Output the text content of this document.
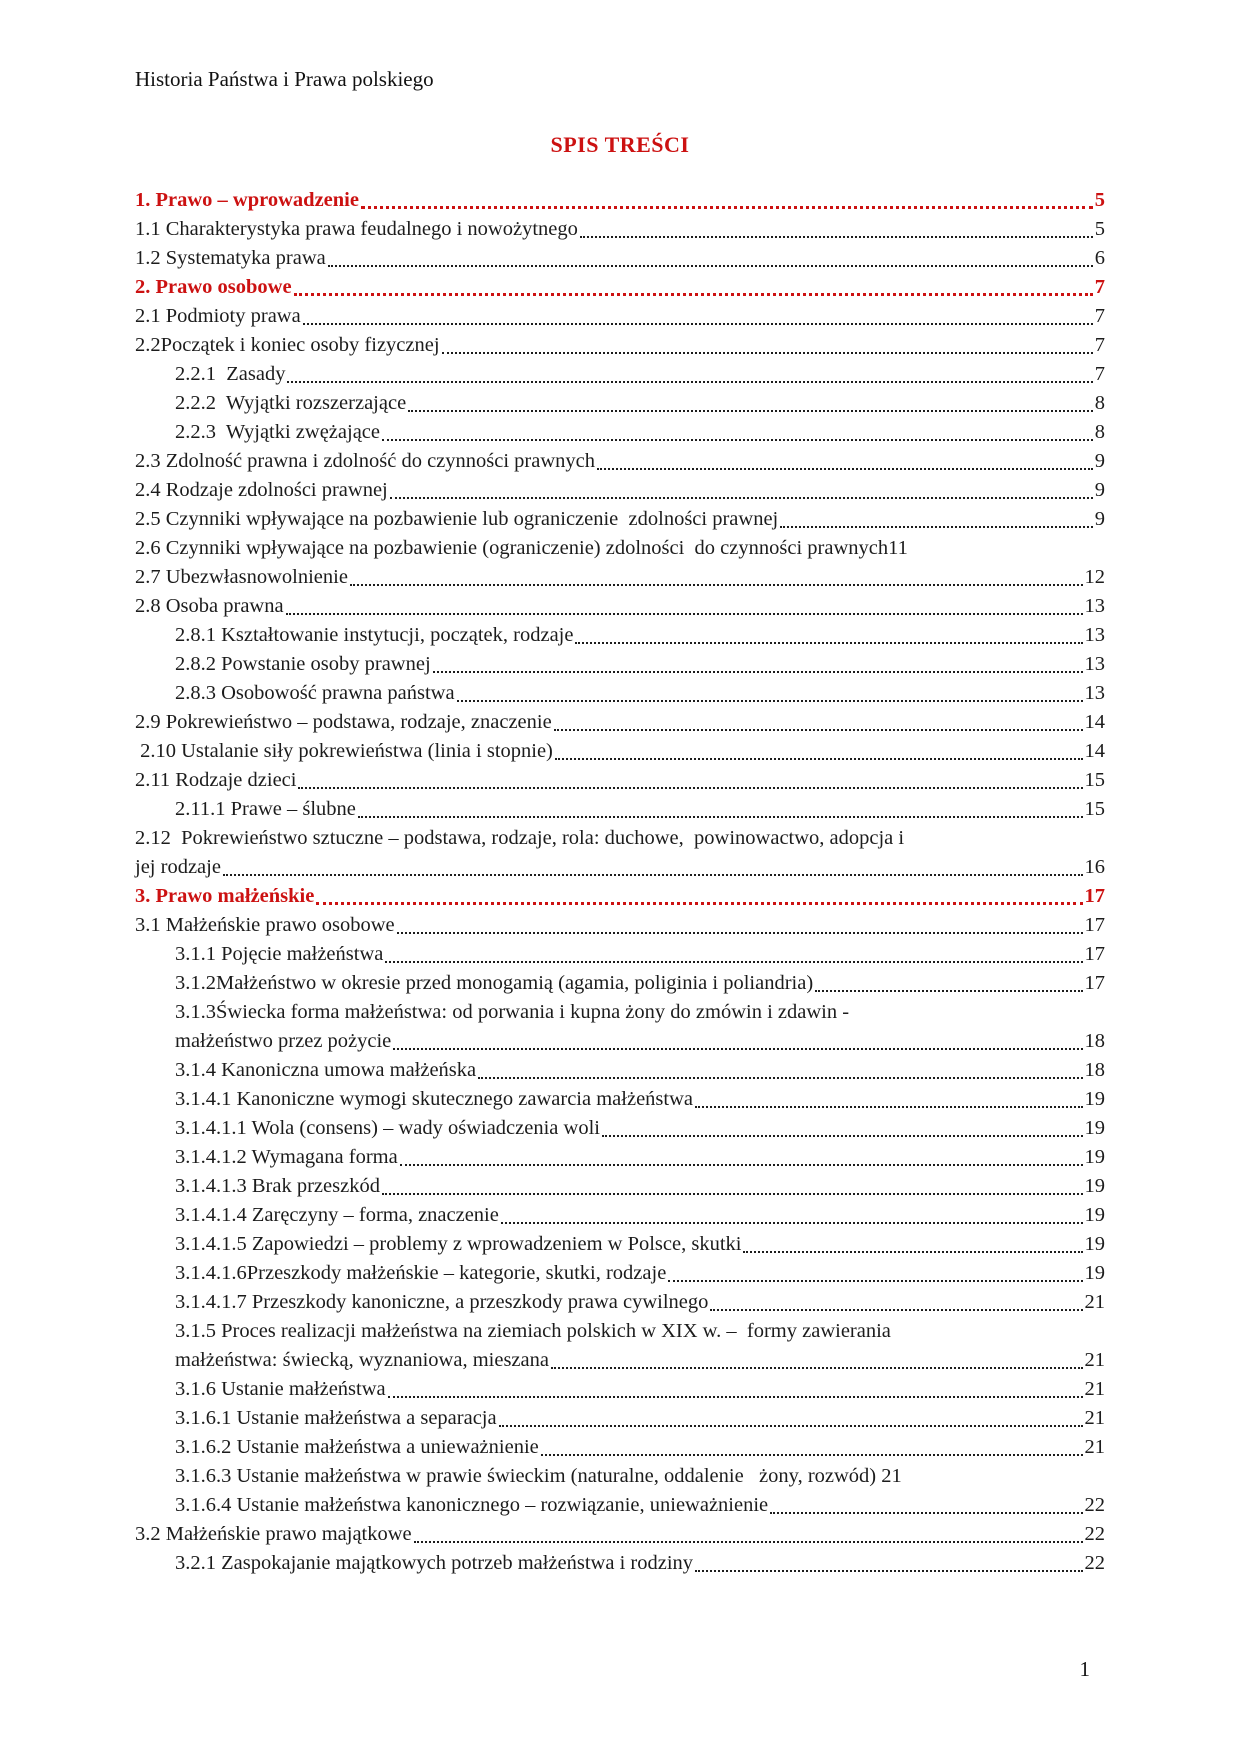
Historia Państwa i Prawa polskiego
SPIS TREŚCI
1. Prawo – wprowadzenie	5
1.1 Charakterystyka prawa feudalnego i nowożytnego	5
1.2 Systematyka prawa	6
2. Prawo osobowe	7
2.1 Podmioty prawa	7
2.2Początek i koniec osoby fizycznej	7
2.2.1  Zasady	7
2.2.2  Wyjątki rozszerzające	8
2.2.3  Wyjątki zwężające	8
2.3 Zdolność prawna i zdolność do czynności prawnych	9
2.4 Rodzaje zdolności prawnej	9
2.5 Czynniki wpływające na pozbawienie lub ograniczenie  zdolności prawnej	9
2.6 Czynniki wpływające na pozbawienie (ograniczenie) zdolności  do czynności prawnych 11
2.7 Ubezwłasnowolnienie	12
2.8 Osoba prawna	13
2.8.1 Kształtowanie instytucji, początek, rodzaje	13
2.8.2 Powstanie osoby prawnej	13
2.8.3 Osobowość prawna państwa	13
2.9 Pokrewieństwo – podstawa, rodzaje, znaczenie	14
2.10 Ustalanie siły pokrewieństwa (linia i stopnie)	14
2.11 Rodzaje dzieci	15
2.11.1 Prawe – ślubne	15
2.12  Pokrewieństwo sztuczne – podstawa, rodzaje, rola: duchowe,  powinowactwo, adopcja i
jej rodzaje	16
3. Prawo małżeńskie	17
3.1 Małżeńskie prawo osobowe	17
3.1.1 Pojęcie małżeństwa	17
3.1.2Małżeństwo w okresie przed monogamią (agamia, poliginia i poliandria)	17
3.1.3Świecka forma małżeństwa: od porwania i kupna żony do zmówin i zdawin -
małżeństwo przez pożycie	18
3.1.4 Kanoniczna umowa małżeńska	18
3.1.4.1 Kanoniczne wymogi skutecznego zawarcia małżeństwa	19
3.1.4.1.1 Wola (consens) – wady oświadczenia woli	19
3.1.4.1.2 Wymagana forma	19
3.1.4.1.3 Brak przeszkód	19
3.1.4.1.4 Zaręczyny – forma, znaczenie	19
3.1.4.1.5 Zapowiedzi – problemy z wprowadzeniem w Polsce, skutki	19
3.1.4.1.6Przeszkody małżeńskie – kategorie, skutki, rodzaje	19
3.1.4.1.7 Przeszkody kanoniczne, a przeszkody prawa cywilnego	21
3.1.5 Proces realizacji małżeństwa na ziemiach polskich w XIX w. –  formy zawierania
małżeństwa: świecką, wyznaniowa, mieszana	21
3.1.6 Ustanie małżeństwa	21
3.1.6.1 Ustanie małżeństwa a separacja	21
3.1.6.2 Ustanie małżeństwa a unieważnienie	21
3.1.6.3 Ustanie małżeństwa w prawie świeckim (naturalne, oddalenie   żony, rozwód) 21
3.1.6.4 Ustanie małżeństwa kanonicznego – rozwiązanie, unieważnienie	22
3.2 Małżeńskie prawo majątkowe	22
3.2.1 Zaspokajanie majątkowych potrzeb małżeństwa i rodziny	22
1
